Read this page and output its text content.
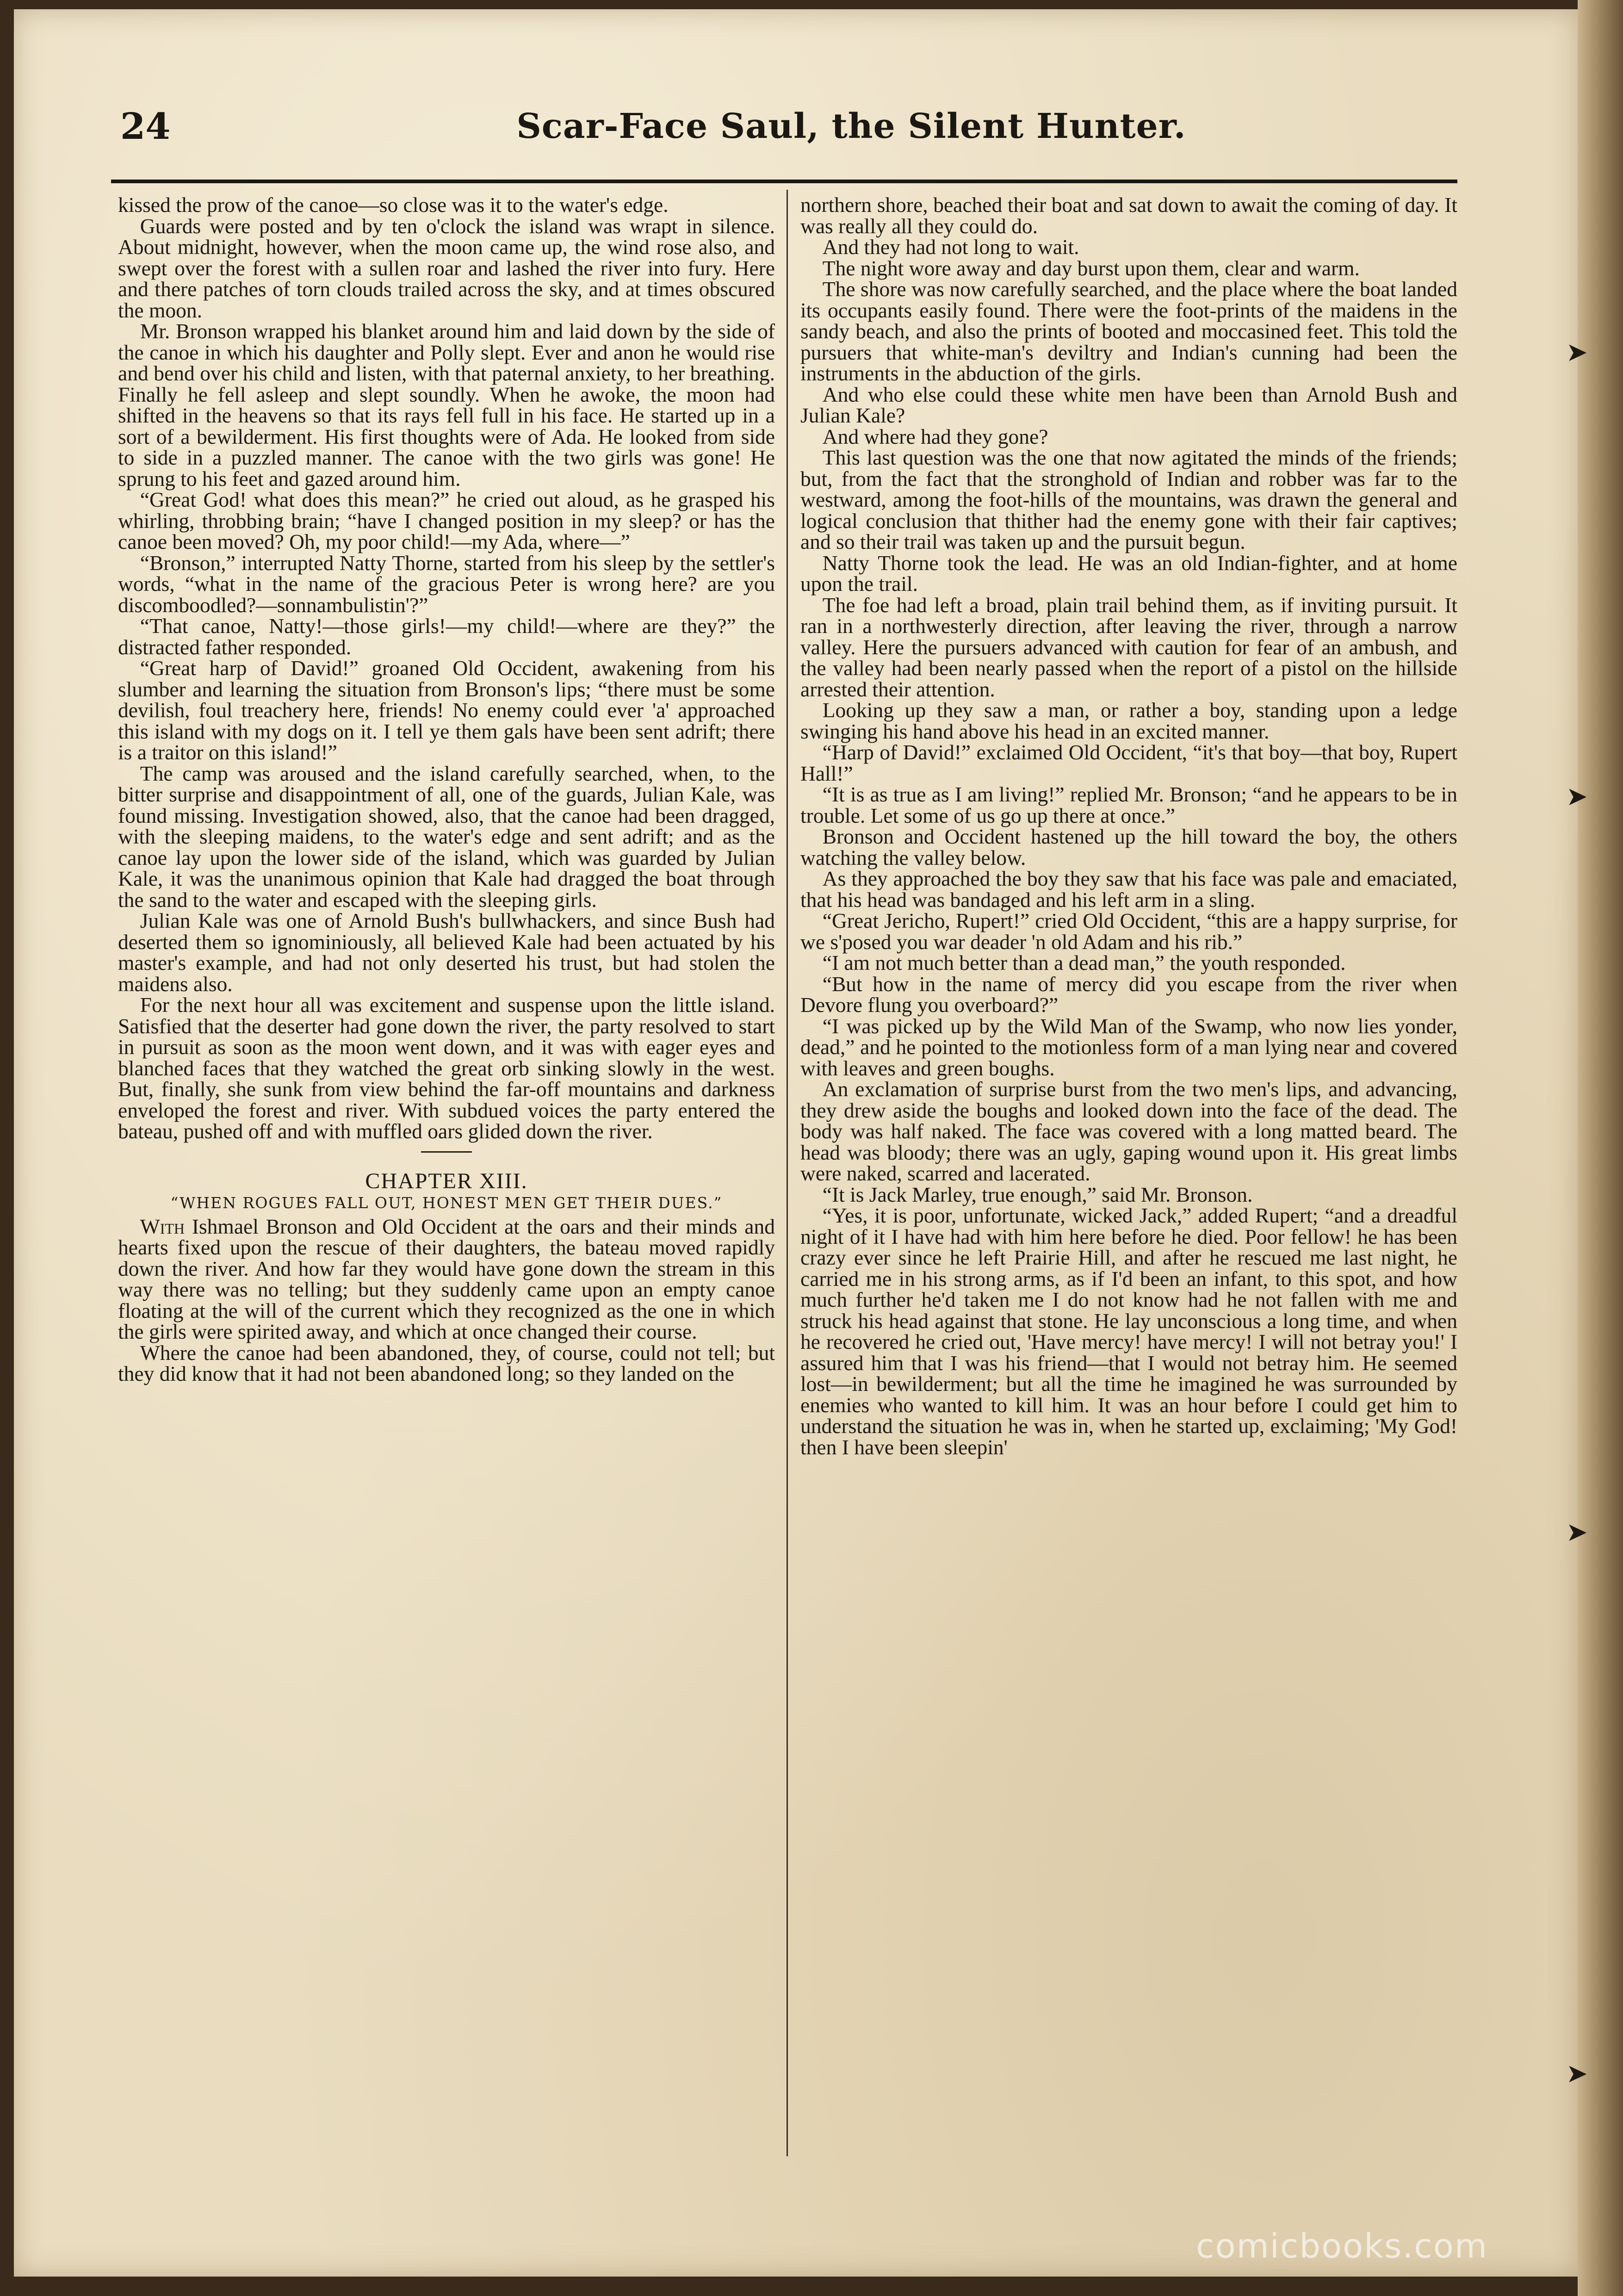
➤
➤
➤
➤
24	Scar-Face Saul, the Silent Hunter.

kissed the prow of the canoe—so close was it to the water's edge.

Guards were posted and by ten o'clock the island was wrapt in silence. About midnight, however, when the moon came up, the wind rose also, and swept over the forest with a sullen roar and lashed the river into fury. Here and there patches of torn clouds trailed across the sky, and at times obscured the moon.

Mr. Bronson wrapped his blanket around him and laid down by the side of the canoe in which his daughter and Polly slept. Ever and anon he would rise and bend over his child and listen, with that paternal anxiety, to her breathing. Finally he fell asleep and slept soundly. When he awoke, the moon had shifted in the heavens so that its rays fell full in his face. He started up in a sort of a bewilderment. His first thoughts were of Ada. He looked from side to side in a puzzled manner. The canoe with the two girls was gone! He sprung to his feet and gazed around him.

“Great God! what does this mean?” he cried out aloud, as he grasped his whirling, throbbing brain; “have I changed position in my sleep? or has the canoe been moved? Oh, my poor child!—my Ada, where—”

“Bronson,” interrupted Natty Thorne, started from his sleep by the settler's words, “what in the name of the gracious Peter is wrong here? are you discomboodled?—sonnambulistin'?”

“That canoe, Natty!—those girls!—my child!—where are they?” the distracted father responded.

“Great harp of David!” groaned Old Occident, awakening from his slumber and learning the situation from Bronson's lips; “there must be some devilish, foul treachery here, friends! No enemy could ever 'a' approached this island with my dogs on it. I tell ye them gals have been sent adrift; there is a traitor on this island!”

The camp was aroused and the island carefully searched, when, to the bitter surprise and disappointment of all, one of the guards, Julian Kale, was found missing. Investigation showed, also, that the canoe had been dragged, with the sleeping maidens, to the water's edge and sent adrift; and as the canoe lay upon the lower side of the island, which was guarded by Julian Kale, it was the unanimous opinion that Kale had dragged the boat through the sand to the water and escaped with the sleeping girls.

Julian Kale was one of Arnold Bush's bullwhackers, and since Bush had deserted them so ignominiously, all believed Kale had been actuated by his master's example, and had not only deserted his trust, but had stolen the maidens also.

For the next hour all was excitement and suspense upon the little island. Satisfied that the deserter had gone down the river, the party resolved to start in pursuit as soon as the moon went down, and it was with eager eyes and blanched faces that they watched the great orb sinking slowly in the west. But, finally, she sunk from view behind the far-off mountains and darkness enveloped the forest and river. With subdued voices the party entered the bateau, pushed off and with muffled oars glided down the river.

CHAPTER XIII.
“WHEN ROGUES FALL OUT, HONEST MEN GET THEIR DUES.”

With Ishmael Bronson and Old Occident at the oars and their minds and hearts fixed upon the rescue of their daughters, the bateau moved rapidly down the river. And how far they would have gone down the stream in this way there was no telling; but they suddenly came upon an empty canoe floating at the will of the current which they recognized as the one in which the girls were spirited away, and which at once changed their course.

Where the canoe had been abandoned, they, of course, could not tell; but they did know that it had not been abandoned long; so they landed on the

northern shore, beached their boat and sat down to await the coming of day. It was really all they could do.

And they had not long to wait.

The night wore away and day burst upon them, clear and warm.

The shore was now carefully searched, and the place where the boat landed its occupants easily found. There were the foot-prints of the maidens in the sandy beach, and also the prints of booted and moccasined feet. This told the pursuers that white-man's deviltry and Indian's cunning had been the instruments in the abduction of the girls.

And who else could these white men have been than Arnold Bush and Julian Kale?

And where had they gone?

This last question was the one that now agitated the minds of the friends; but, from the fact that the stronghold of Indian and robber was far to the westward, among the foot-hills of the mountains, was drawn the general and logical conclusion that thither had the enemy gone with their fair captives; and so their trail was taken up and the pursuit begun.

Natty Thorne took the lead. He was an old Indian-fighter, and at home upon the trail.

The foe had left a broad, plain trail behind them, as if inviting pursuit. It ran in a northwesterly direction, after leaving the river, through a narrow valley. Here the pursuers advanced with caution for fear of an ambush, and the valley had been nearly passed when the report of a pistol on the hillside arrested their attention.

Looking up they saw a man, or rather a boy, standing upon a ledge swinging his hand above his head in an excited manner.

“Harp of David!” exclaimed Old Occident, “it's that boy—that boy, Rupert Hall!”

“It is as true as I am living!” replied Mr. Bronson; “and he appears to be in trouble. Let some of us go up there at once.”

Bronson and Occident hastened up the hill toward the boy, the others watching the valley below.

As they approached the boy they saw that his face was pale and emaciated, that his head was bandaged and his left arm in a sling.

“Great Jericho, Rupert!” cried Old Occident, “this are a happy surprise, for we s'posed you war deader 'n old Adam and his rib.”

“I am not much better than a dead man,” the youth responded.

“But how in the name of mercy did you escape from the river when Devore flung you overboard?”

“I was picked up by the Wild Man of the Swamp, who now lies yonder, dead,” and he pointed to the motionless form of a man lying near and covered with leaves and green boughs.

An exclamation of surprise burst from the two men's lips, and advancing, they drew aside the boughs and looked down into the face of the dead. The body was half naked. The face was covered with a long matted beard. The head was bloody; there was an ugly, gaping wound upon it. His great limbs were naked, scarred and lacerated.

“It is Jack Marley, true enough,” said Mr. Bronson.

“Yes, it is poor, unfortunate, wicked Jack,” added Rupert; “and a dreadful night of it I have had with him here before he died. Poor fellow! he has been crazy ever since he left Prairie Hill, and after he rescued me last night, he carried me in his strong arms, as if I'd been an infant, to this spot, and how much further he'd taken me I do not know had he not fallen with me and struck his head against that stone. He lay unconscious a long time, and when he recovered he cried out, 'Have mercy! have mercy! I will not betray you!' I assured him that I was his friend—that I would not betray him. He seemed lost—in bewilderment; but all the time he imagined he was surrounded by enemies who wanted to kill him. It was an hour before I could get him to understand the situation he was in, when he started up, exclaiming; 'My God! then I have been sleepin'

comicbooks.com
